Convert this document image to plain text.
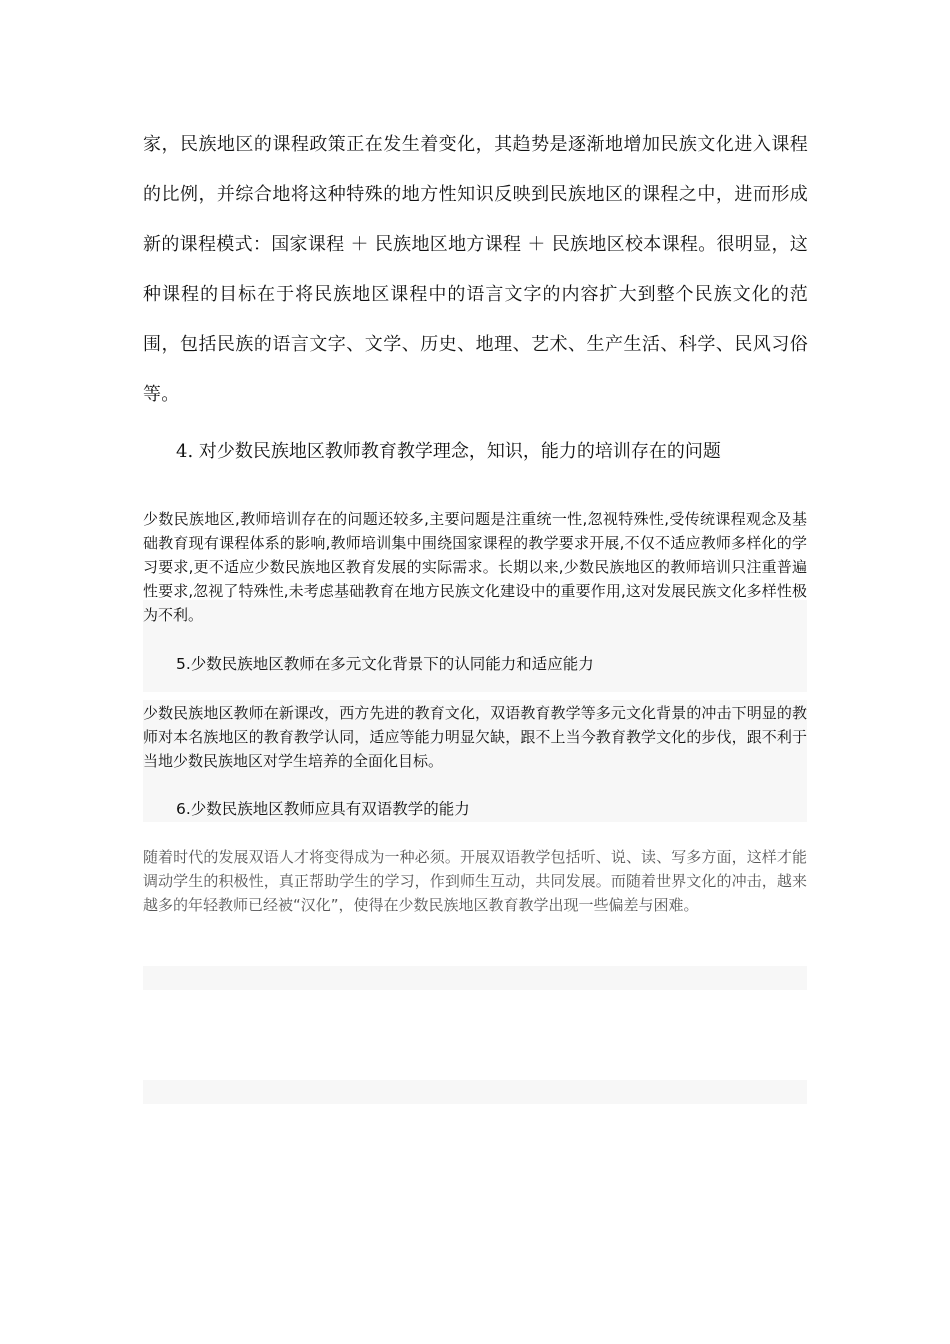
家，民族地区的课程政策正在发生着变化，其趋势是逐渐地增加民族文化进入课程的比例，并综合地将这种特殊的地方性知识反映到民族地区的课程之中，进而形成新的课程模式：国家课程 ＋ 民族地区地方课程 ＋ 民族地区校本课程。很明显，这种课程的目标在于将民族地区课程中的语言文字的内容扩大到整个民族文化的范围，包括民族的语言文字、文学、历史、地理、艺术、生产生活、科学、民风习俗等。

4. 对少数民族地区教师教育教学理念，知识，能力的培训存在的问题

少数民族地区,教师培训存在的问题还较多,主要问题是注重统一性,忽视特殊性,受传统课程观念及基础教育现有课程体系的影响,教师培训集中围绕国家课程的教学要求开展,不仅不适应教师多样化的学习要求,更不适应少数民族地区教育发展的实际需求。长期以来,少数民族地区的教师培训只注重普遍性要求,忽视了特殊性,未考虑基础教育在地方民族文化建设中的重要作用,这对发展民族文化多样性极为不利。

5.少数民族地区教师在多元文化背景下的认同能力和适应能力

少数民族地区教师在新课改，西方先进的教育文化，双语教育教学等多元文化背景的冲击下明显的教师对本名族地区的教育教学认同，适应等能力明显欠缺，跟不上当今教育教学文化的步伐，跟不利于当地少数民族地区对学生培养的全面化目标。

6.少数民族地区教师应具有双语教学的能力

随着时代的发展双语人才将变得成为一种必须。开展双语教学包括听、说、读、写多方面，这样才能调动学生的积极性，真正帮助学生的学习，作到师生互动，共同发展。而随着世界文化的冲击，越来越多的年轻教师已经被“汉化”，使得在少数民族地区教育教学出现一些偏差与困难。
